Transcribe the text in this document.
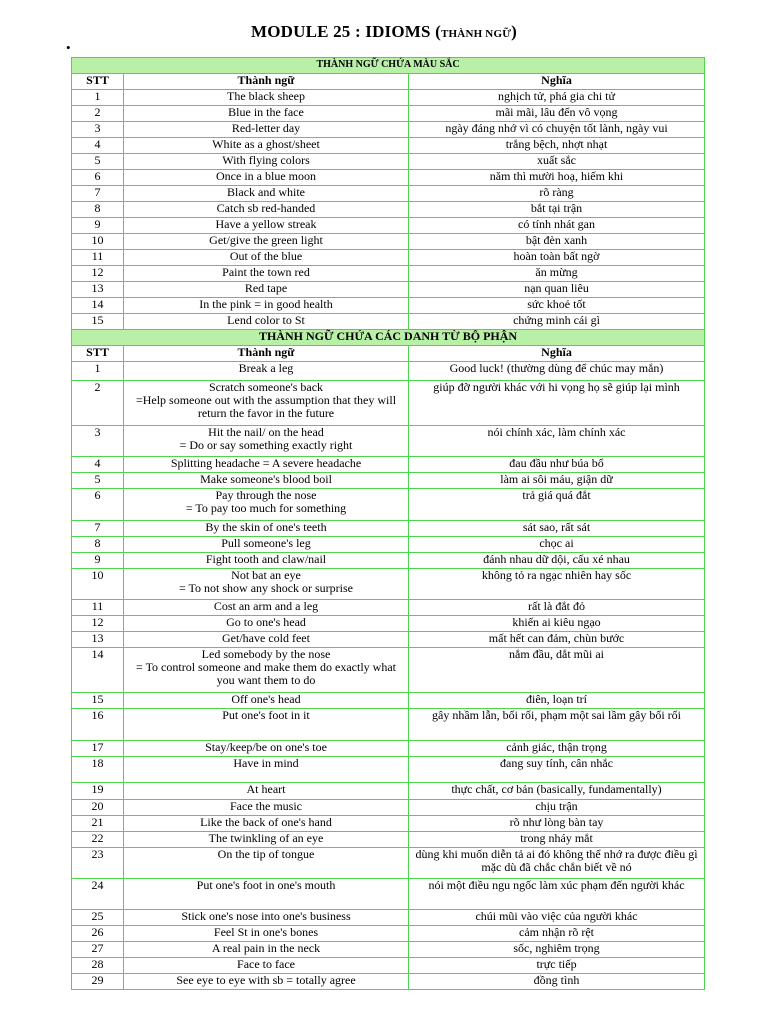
MODULE 25 : IDIOMS (THÀNH NGỮ)
•
THÀNH NGỮ CHỨA MÀU SẮC		
STT	Thành ngữ	Nghĩa
1	The black sheep	nghịch tử, phá gia chi tử
2	Blue in the face	mãi mãi, lâu đến vô vọng
3	Red-letter day	ngày đáng nhớ vì có chuyện tốt lành, ngày vui
4	White as a ghost/sheet	trắng bệch, nhợt nhạt
5	With flying colors	xuất sắc
6	Once in a blue moon	năm thì mười hoạ, hiếm khi
7	Black and white	rõ ràng
8	Catch sb red-handed	bắt tại trận
9	Have a yellow streak	có tính nhát gan
10	Get/give the green light	bật đèn xanh
11	Out of the blue	hoàn toàn bất ngờ
12	Paint the town red	ăn mừng
13	Red tape	nạn quan liêu
14	In the pink = in good health	sức khoẻ tốt
15	Lend color to St	chứng minh cái gì
THÀNH NGỮ CHỨA CÁC DANH TỪ BỘ PHẬN		
STT	Thành ngữ	Nghĩa
1	Break a leg	Good luck! (thường dùng để chúc may mắn)
2	Scratch someone's back
=Help someone out with the assumption that they will return the favor in the future	giúp đỡ người khác với hi vọng họ sẽ giúp lại mình
3	Hit the nail/ on the head
= Do or say something exactly right	nói chính xác, làm chính xác
4	Splitting headache = A severe headache	đau đầu như búa bổ
5	Make someone's blood boil	làm ai sôi máu, giận dữ
6	Pay through the nose
= To pay too much for something	trả giá quá đắt
7	By the skin of one's teeth	sát sao, rất sát
8	Pull someone's leg	chọc ai
9	Fight tooth and claw/nail	đánh nhau dữ dội, cấu xé nhau
10	Not bat an eye
= To not show any shock or surprise	không tỏ ra ngạc nhiên hay sốc
11	Cost an arm and a leg	rất là đắt đỏ
12	Go to one's head	khiến ai kiêu ngạo
13	Get/have cold feet	mất hết can đảm, chùn bước
14	Led somebody by the nose
= To control someone and make them do exactly what you want them to do	nắm đầu, dắt mũi ai
15	Off one's head	điên, loạn trí
16	Put one's foot in it	gây nhầm lẫn, bối rối, phạm một sai lầm gây bối rối
17	Stay/keep/be on one's toe	cảnh giác, thận trọng
18	Have in mind	đang suy tính, cân nhắc
19	At heart	thực chất, cơ bản (basically, fundamentally)
20	Face the music	chịu trận
21	Like the back of one's hand	rõ như lòng bàn tay
22	The twinkling of an eye	trong nháy mắt
23	On the tip of tongue	dùng khi muốn diễn tả ai đó không thể nhớ ra được điều gì mặc dù đã chắc chắn biết về nó
24	Put one's foot in one's mouth	nói một điều ngu ngốc làm xúc phạm đến người khác
25	Stick one's nose into one's business	chúi mũi vào việc của người khác
26	Feel St in one's bones	cảm nhận rõ rệt
27	A real pain in the neck	sốc, nghiêm trọng
28	Face to face	trực tiếp
29	See eye to eye with sb = totally agree	đồng tình
